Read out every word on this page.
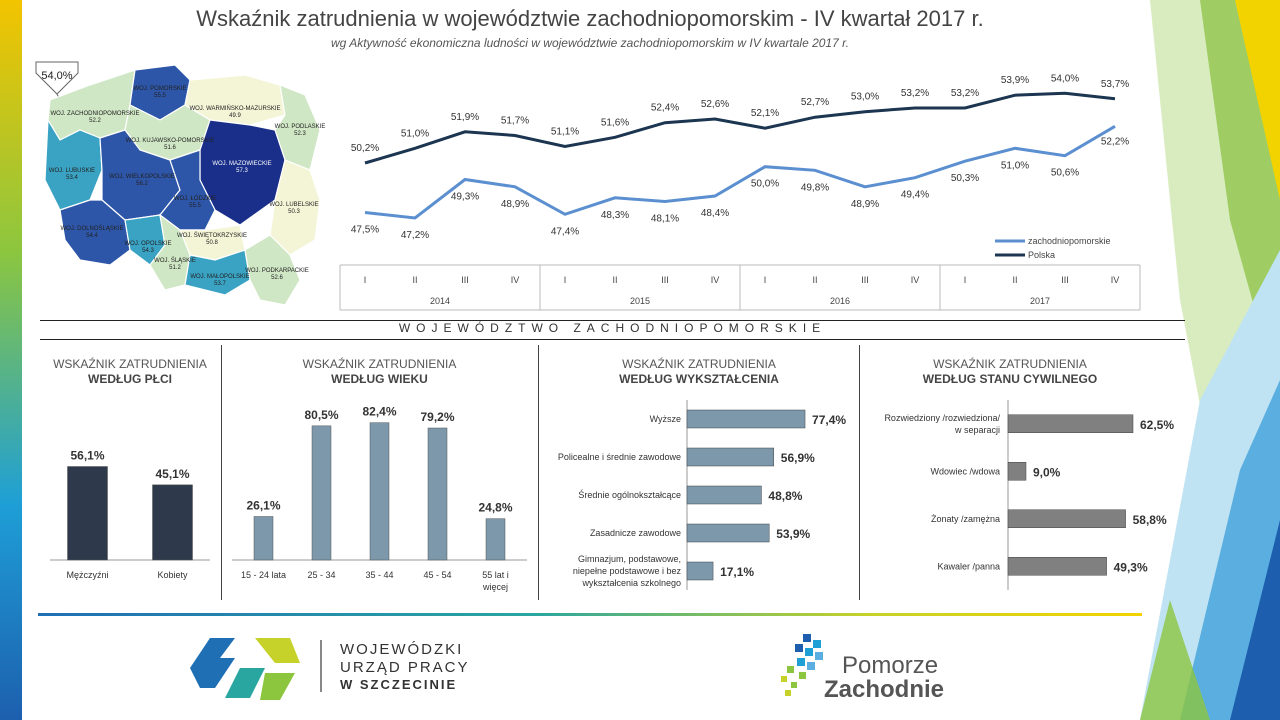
Wskaźnik zatrudnienia w województwie zachodniopomorskim - IV kwartał 2017 r.
wg Aktywność ekonomiczna ludności w województwie zachodniopomorskim w IV kwartale 2017 r.
54,0%
WOJ. POMORSKIE
55.5
WOJ. ZACHODNIOPOMORSKIE
52.2
WOJ. WARMIŃSKO-MAZURSKIE
49.9
WOJ. PODLASKIE
52.3
WOJ. KUJAWSKO-POMORSKIE
51.6
WOJ. LUBUSKIE
53.4	WOJ. WIELKOPOLSKIE
56.2
WOJ. MAZOWIECKIE
57.3
WOJ. ŁÓDZKIE
55.5	WOJ. LUBELSKIE
50.3
WOJ. DOLNOŚLĄSKIE
54.4
WOJ. OPOLSKIE
54.3
WOJ. ŚWIĘTOKRZYSKIE
50.8
WOJ. ŚLĄSKIE
51.2
WOJ. MAŁOPOLSKIE
53.7
WOJ. PODKARPACKIE
52.6
47,5% 47,2%
49,3%
48,9%
47,4%
48,3% 48,1% 48,4%
50,0% 49,8%
48,9%
49,4%
50,3%
51,0%
50,6%
52,2%
50,2%
51,0%
51,9% 51,7%
51,1%
51,6%
52,4% 52,6%
52,1%
52,7% 53,0% 53,2% 53,2%
53,9% 54,0% 53,7%
I	II	III	IV	I	II	III	IV	I	II	III	IV	I	II	III	IV
2014	2015	2016	2017
zachodniopomorskie
Polska
WOJEWÓDZTWO ZACHODNIOPOMORSKIE
WSKAŹNIK ZATRUDNIENIA
WEDŁUG PŁCI
56,1%
Mężczyźni
45,1%
Kobiety
WSKAŹNIK ZATRUDNIENIA
WEDŁUG WIEKU
26,1%
15 - 24 lata
80,5%
25 - 34
82,4%
35 - 44
79,2%
45 - 54
24,8%
55 lat i
więcej
WSKAŹNIK ZATRUDNIENIA
WEDŁUG WYKSZTAŁCENIA
77,4%
Wyższe
56,9%
Policealne i średnie zawodowe
48,8%
Średnie ogólnokształcące
53,9%
Zasadnicze zawodowe
17,1%
Gimnazjum, podstawowe,
niepełne podstawowe i bez
wykształcenia szkolnego
WSKAŹNIK ZATRUDNIENIA
WEDŁUG STANU CYWILNEGO
62,5%
Rozwiedziony /rozwiedziona/
w separacji
9,0%
Wdowiec /wdowa
58,8%
Żonaty /zamężna
49,3%
Kawaler /panna
WOJEWÓDZKI
URZĄD PRACY
W SZCZECINIE
Pomorze
Zachodnie
